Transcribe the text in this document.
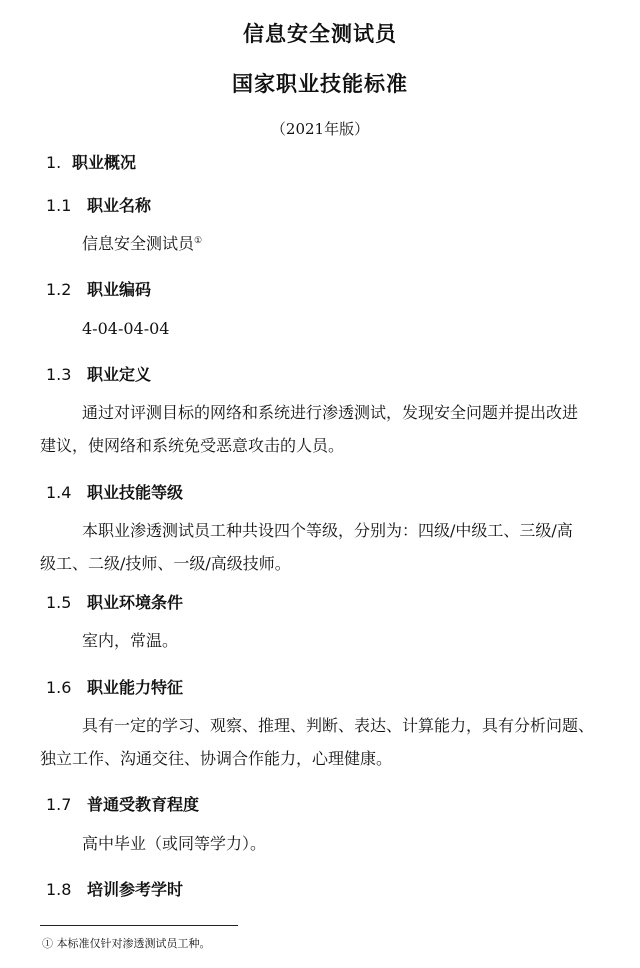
信息安全测试员
国家职业技能标准
（2021年版）
1. 职业概况
1.1 职业名称
信息安全测试员①
1.2 职业编码
4-04-04-04
1.3 职业定义
通过对评测目标的网络和系统进行渗透测试，发现安全问题并提出改进
建议，使网络和系统免受恶意攻击的人员。
1.4 职业技能等级
本职业渗透测试员工种共设四个等级，分别为：四级/中级工、三级/高
级工、二级/技师、一级/高级技师。
1.5 职业环境条件
室内，常温。
1.6 职业能力特征
具有一定的学习、观察、推理、判断、表达、计算能力，具有分析问题、
独立工作、沟通交往、协调合作能力，心理健康。
1.7 普通受教育程度
高中毕业（或同等学力）。
1.8 培训参考学时
① 本标准仅针对渗透测试员工种。
